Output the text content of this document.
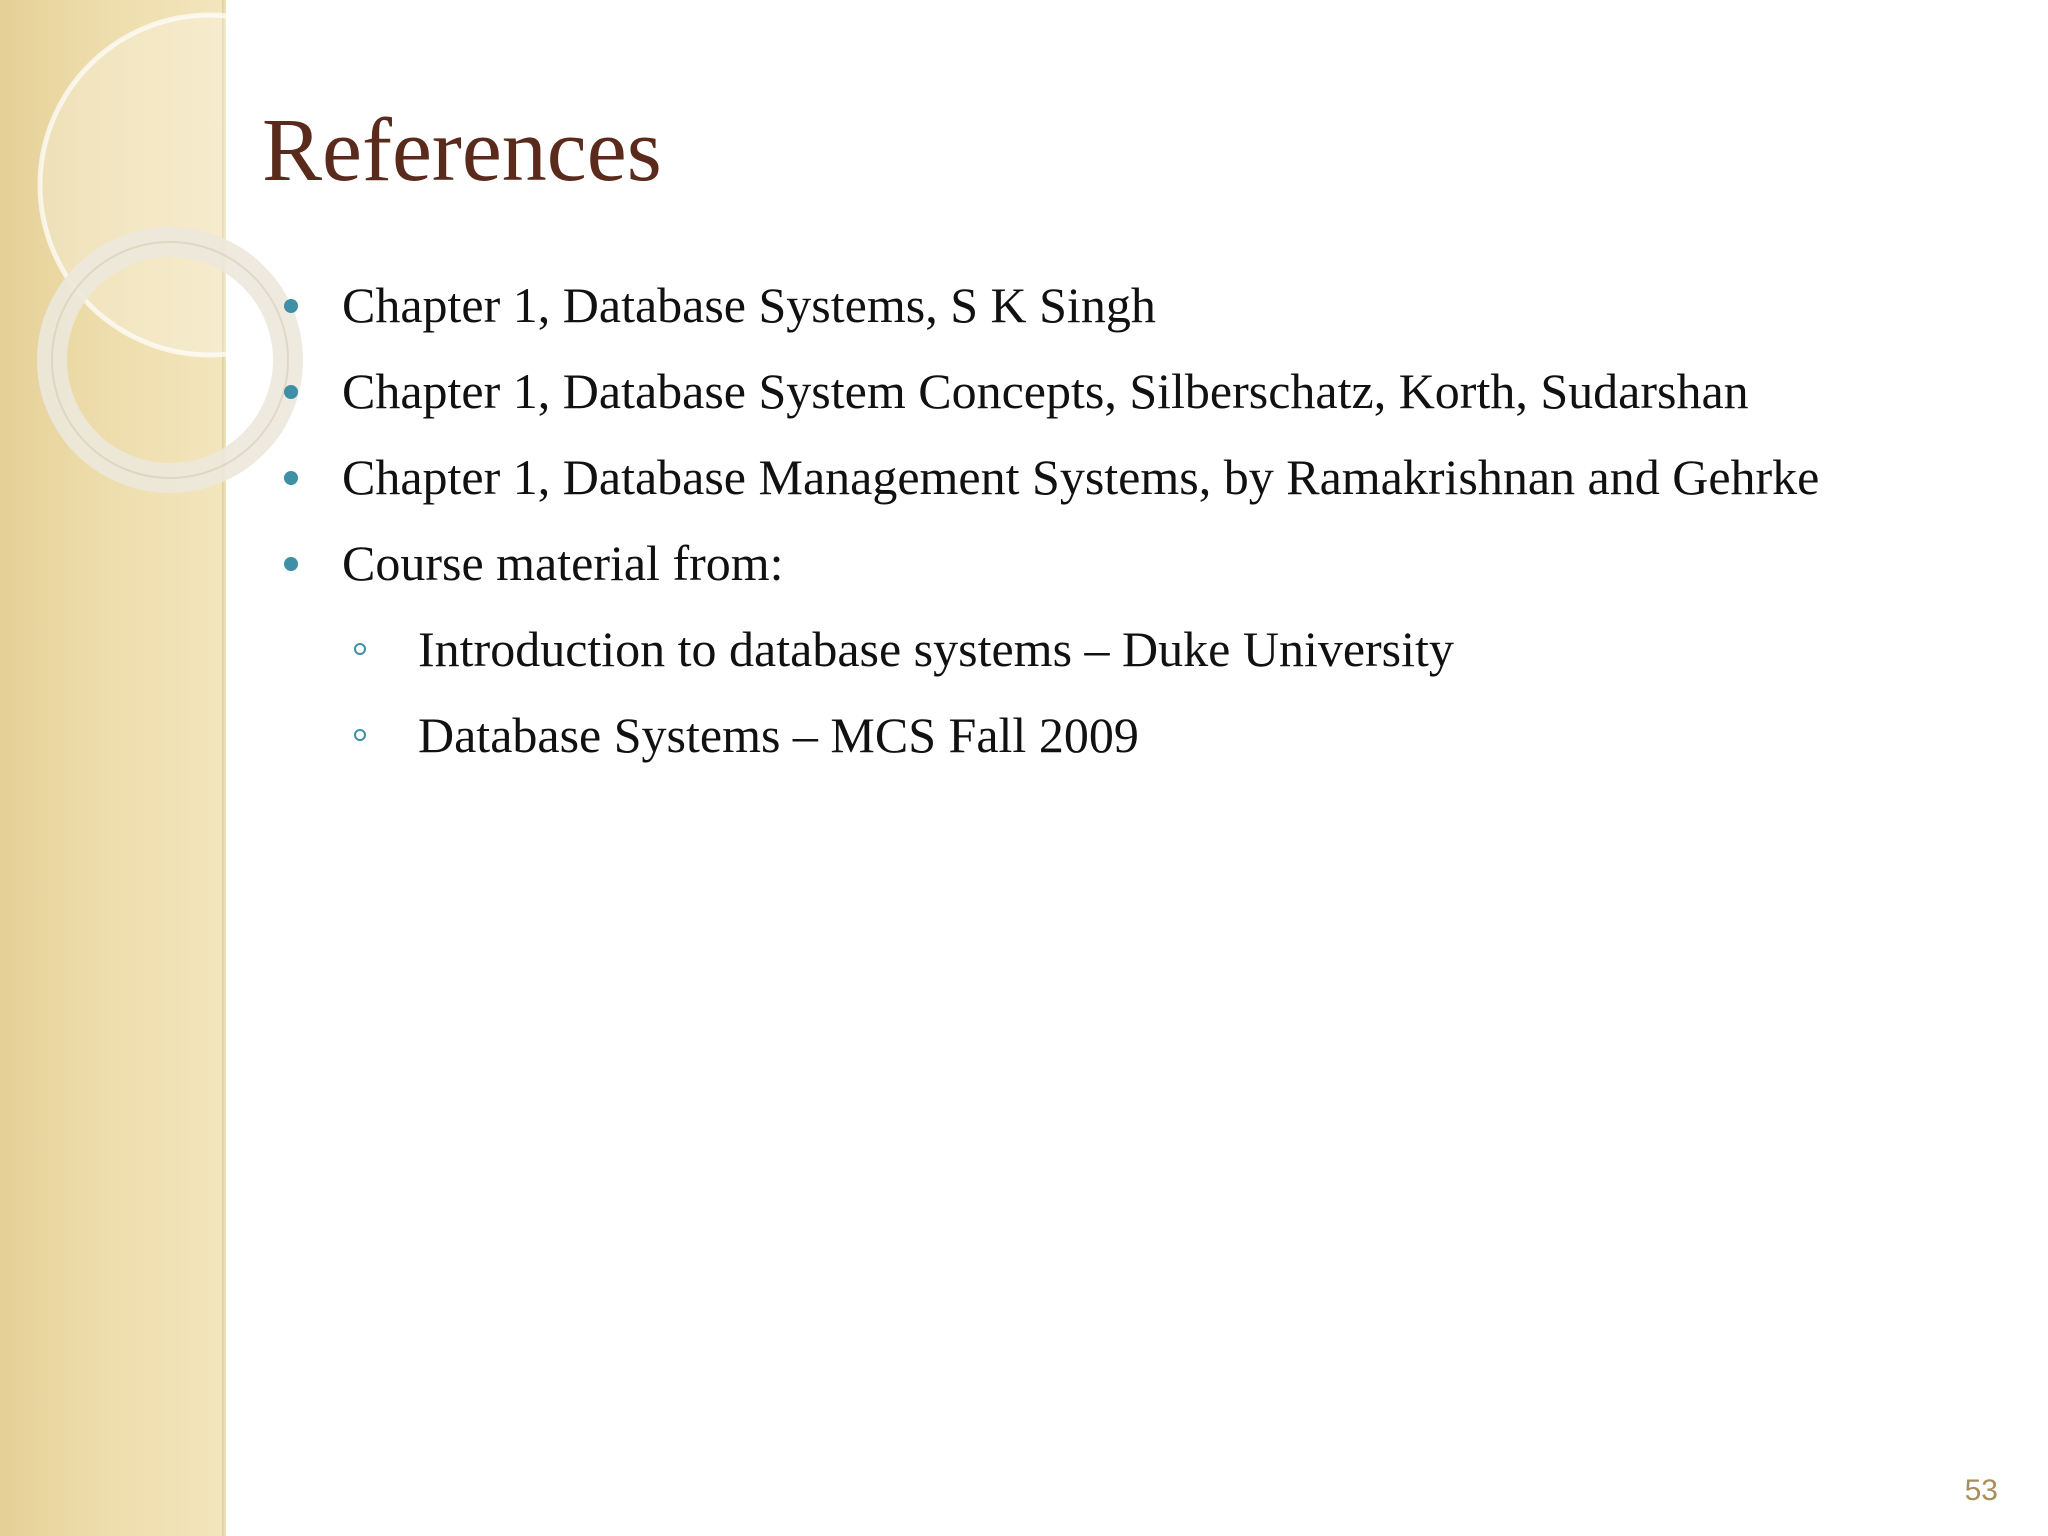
References
Chapter 1, Database Systems, S K Singh
Chapter 1, Database System Concepts, Silberschatz, Korth, Sudarshan
Chapter 1, Database Management Systems, by Ramakrishnan and Gehrke
Course material from:
Introduction to database systems – Duke University
Database Systems – MCS Fall 2009
53
